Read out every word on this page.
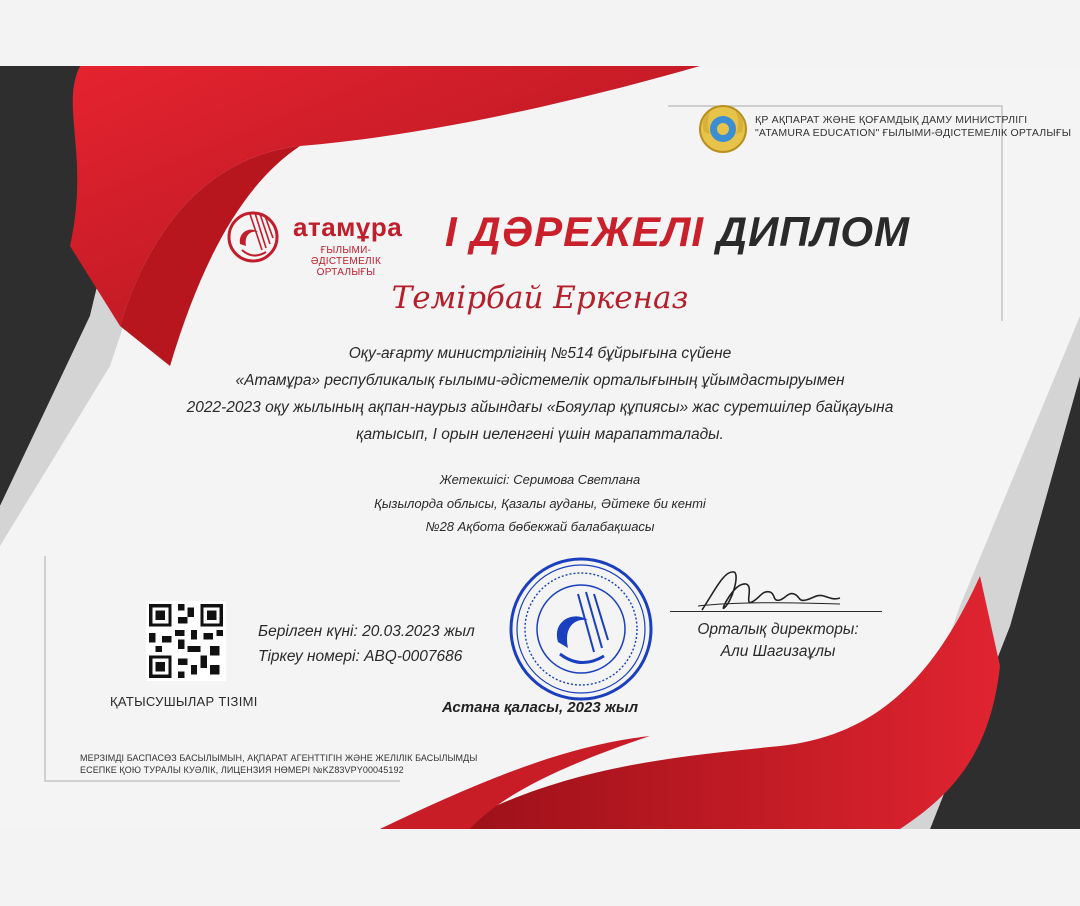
ҚР АҚПАРАТ ЖӘНЕ ҚОҒАМДЫҚ ДАМУ МИНИСТРЛІГІ
"ATAMURA EDUCATION" ҒЫЛЫМИ-ӘДІСТЕМЕЛІК ОРТАЛЫҒЫ
атамұра
ҒЫЛЫМИ-ӘДІСТЕМЕЛІК ОРТАЛЫҒЫ
І ДӘРЕЖЕЛІ ДИПЛОМ
Темірбай Еркеназ
Оқу-ағарту министрлігінің №514 бұйрығына сүйене
«Атамұра» республикалық ғылыми-әдістемелік орталығының ұйымдастыруымен
2022-2023 оқу жылының ақпан-наурыз айындағы «Бояулар құпиясы» жас суретшілер байқауына
қатысып, І орын иеленгені үшін марапатталады.
Жетекшісі: Серимова Светлана
Қызылорда облысы, Қазалы ауданы, Әйтеке би кенті
№28 Ақбота бөбекжай балабақшасы
ҚАТЫСУШЫЛАР ТІЗІМІ
Берілген күні: 20.03.2023 жыл
Тіркеу номері: ABQ-0007686
Орталық директоры:
Али Шагизаұлы
Астана қаласы, 2023 жыл
МЕРЗІМДІ БАСПАСӨЗ БАСЫЛЫМЫН, АҚПАРАТ АГЕНТТІГІН ЖӘНЕ ЖЕЛІЛІК БАСЫЛЫМДЫ
ЕСЕПКЕ ҚОЮ ТУРАЛЫ КУӘЛІК, ЛИЦЕНЗИЯ НӨМЕРІ №KZ83VPY00045192
